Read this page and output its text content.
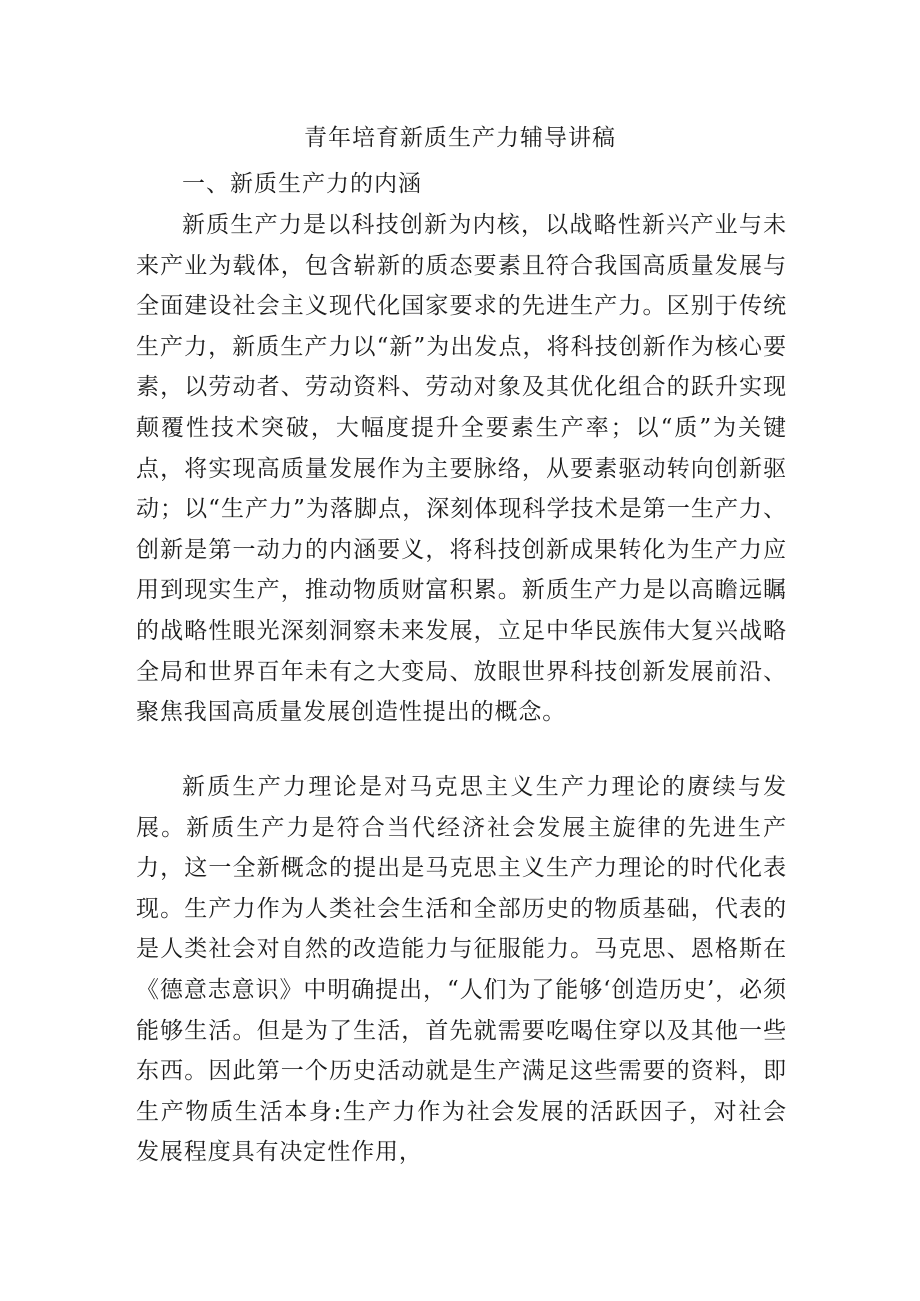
青年培育新质生产力辅导讲稿
一、新质生产力的内涵

新质生产力是以科技创新为内核，以战略性新兴产业与未来产业为载体，包含崭新的质态要素且符合我国高质量发展与全面建设社会主义现代化国家要求的先进生产力。区别于传统生产力，新质生产力以“新”为出发点，将科技创新作为核心要素，以劳动者、劳动资料、劳动对象及其优化组合的跃升实现颠覆性技术突破，大幅度提升全要素生产率；以“质”为关键点，将实现高质量发展作为主要脉络，从要素驱动转向创新驱动；以“生产力”为落脚点，深刻体现科学技术是第一生产力、创新是第一动力的内涵要义，将科技创新成果转化为生产力应用到现实生产，推动物质财富积累。新质生产力是以高瞻远瞩的战略性眼光深刻洞察未来发展，立足中华民族伟大复兴战略全局和世界百年未有之大变局、放眼世界科技创新发展前沿、聚焦我国高质量发展创造性提出的概念。

新质生产力理论是对马克思主义生产力理论的赓续与发展。新质生产力是符合当代经济社会发展主旋律的先进生产力，这一全新概念的提出是马克思主义生产力理论的时代化表现。生产力作为人类社会生活和全部历史的物质基础，代表的是人类社会对自然的改造能力与征服能力。马克思、恩格斯在《德意志意识》中明确提出，“人们为了能够‘创造历史’，必须能够生活。但是为了生活，首先就需要吃喝住穿以及其他一些东西。因此第一个历史活动就是生产满足这些需要的资料，即生产物质生活本身:生产力作为社会发展的活跃因子，对社会发展程度具有决定性作用，
